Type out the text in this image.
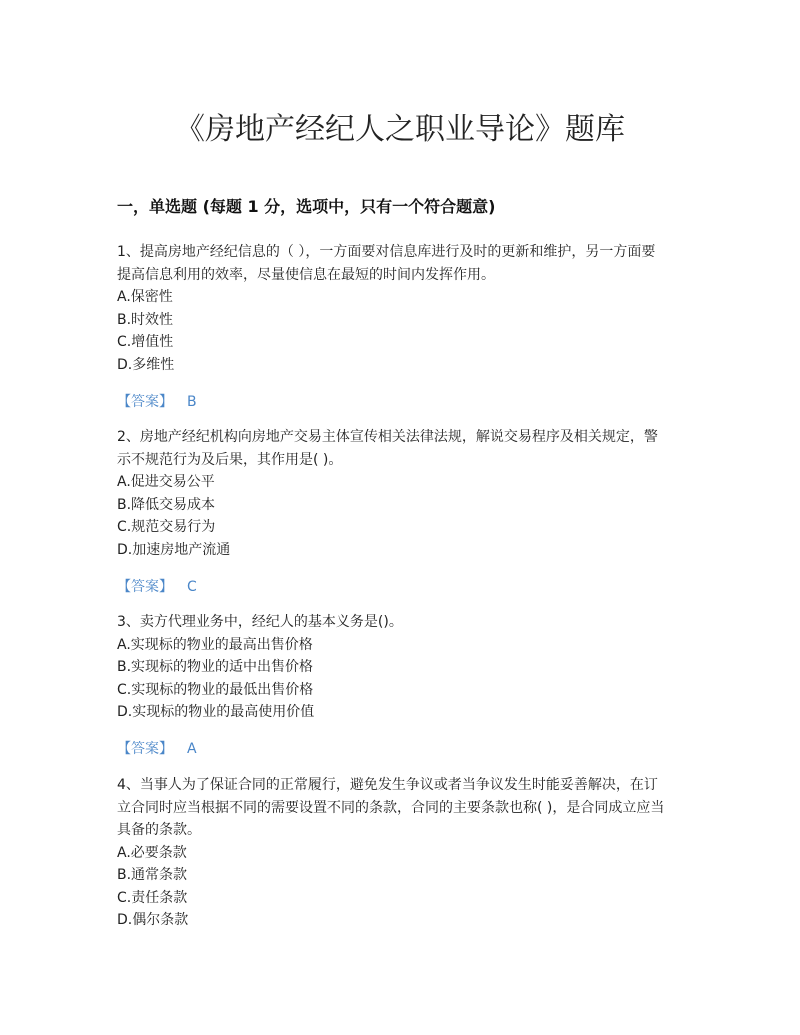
《房地产经纪人之职业导论》题库
一，单选题 (每题 1 分，选项中，只有一个符合题意)

1、提高房地产经纪信息的（ ），一方面要对信息库进行及时的更新和维护，另一方面要

提高信息利用的效率，尽量使信息在最短的时间内发挥作用。

A.保密性
B.时效性
C.增值性
D.多维性
【答案】 B

2、房地产经纪机构向房地产交易主体宣传相关法律法规，解说交易程序及相关规定，警

示不规范行为及后果，其作用是( )。

A.促进交易公平
B.降低交易成本
C.规范交易行为
D.加速房地产流通
【答案】 C

3、卖方代理业务中，经纪人的基本义务是()。

A.实现标的物业的最高出售价格
B.实现标的物业的适中出售价格
C.实现标的物业的最低出售价格
D.实现标的物业的最高使用价值
【答案】 A

4、当事人为了保证合同的正常履行，避免发生争议或者当争议发生时能妥善解决，在订

立合同时应当根据不同的需要设置不同的条款，合同的主要条款也称( )，是合同成立应当

具备的条款。

A.必要条款
B.通常条款
C.责任条款
D.偶尔条款
